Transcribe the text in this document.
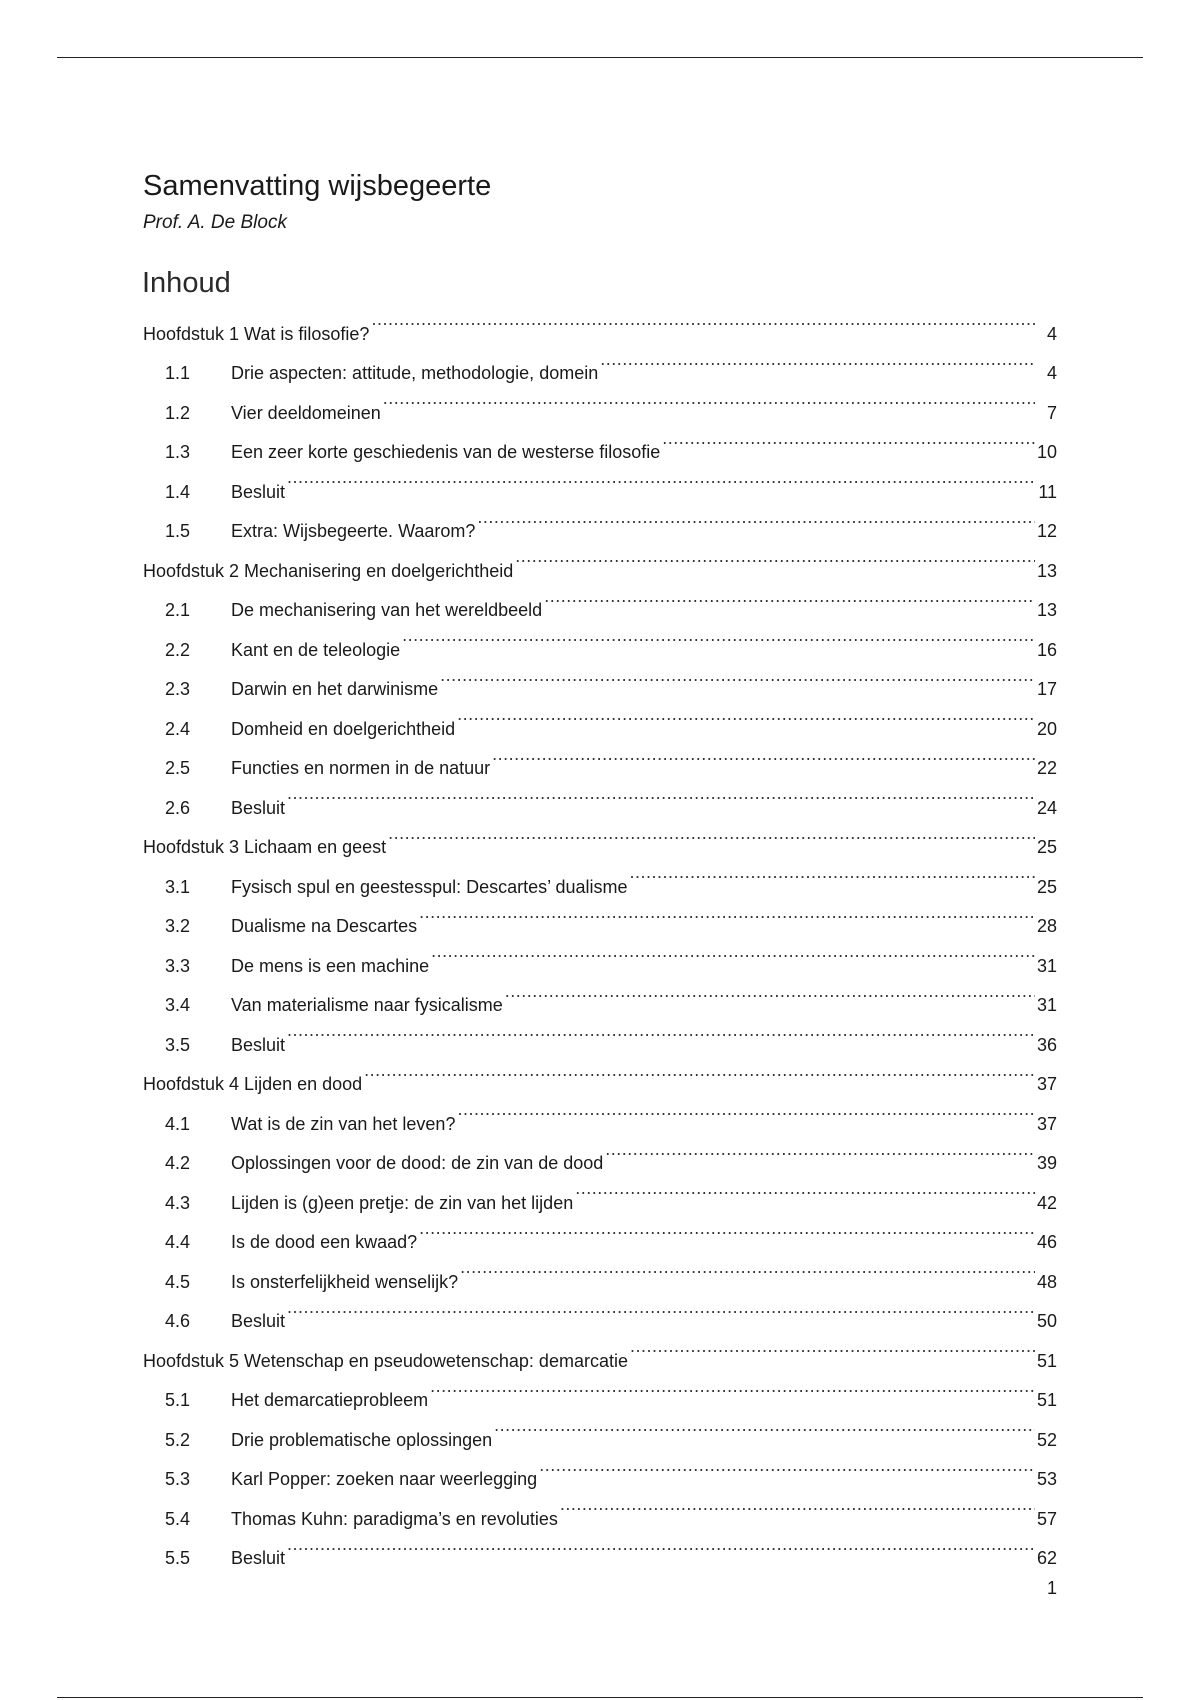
Samenvatting wijsbegeerte
Prof. A. De Block
Inhoud
Hoofdstuk 1 Wat is filosofie? .....	4
1.1	Drie aspecten: attitude, methodologie, domein .....	4
1.2	Vier deeldomeinen .....	7
1.3	Een zeer korte geschiedenis van de westerse filosofie .....	10
1.4	Besluit .....	11
1.5	Extra: Wijsbegeerte. Waarom? .....	12
Hoofdstuk 2 Mechanisering en doelgerichtheid .....	13
2.1	De mechanisering van het wereldbeeld .....	13
2.2	Kant en de teleologie .....	16
2.3	Darwin en het darwinisme .....	17
2.4	Domheid en doelgerichtheid .....	20
2.5	Functies en normen in de natuur .....	22
2.6	Besluit .....	24
Hoofdstuk 3 Lichaam en geest .....	25
3.1	Fysisch spul en geestesspul: Descartes’ dualisme .....	25
3.2	Dualisme na Descartes .....	28
3.3	De mens is een machine .....	31
3.4	Van materialisme naar fysicalisme .....	31
3.5	Besluit .....	36
Hoofdstuk 4 Lijden en dood .....	37
4.1	Wat is de zin van het leven? .....	37
4.2	Oplossingen voor de dood: de zin van de dood .....	39
4.3	Lijden is (g)een pretje: de zin van het lijden .....	42
4.4	Is de dood een kwaad? .....	46
4.5	Is onsterfelijkheid wenselijk? .....	48
4.6	Besluit .....	50
Hoofdstuk 5 Wetenschap en pseudowetenschap: demarcatie .....	51
5.1	Het demarcatieprobleem .....	51
5.2	Drie problematische oplossingen .....	52
5.3	Karl Popper: zoeken naar weerlegging .....	53
5.4	Thomas Kuhn: paradigma’s en revoluties .....	57
5.5	Besluit .....	62
1
